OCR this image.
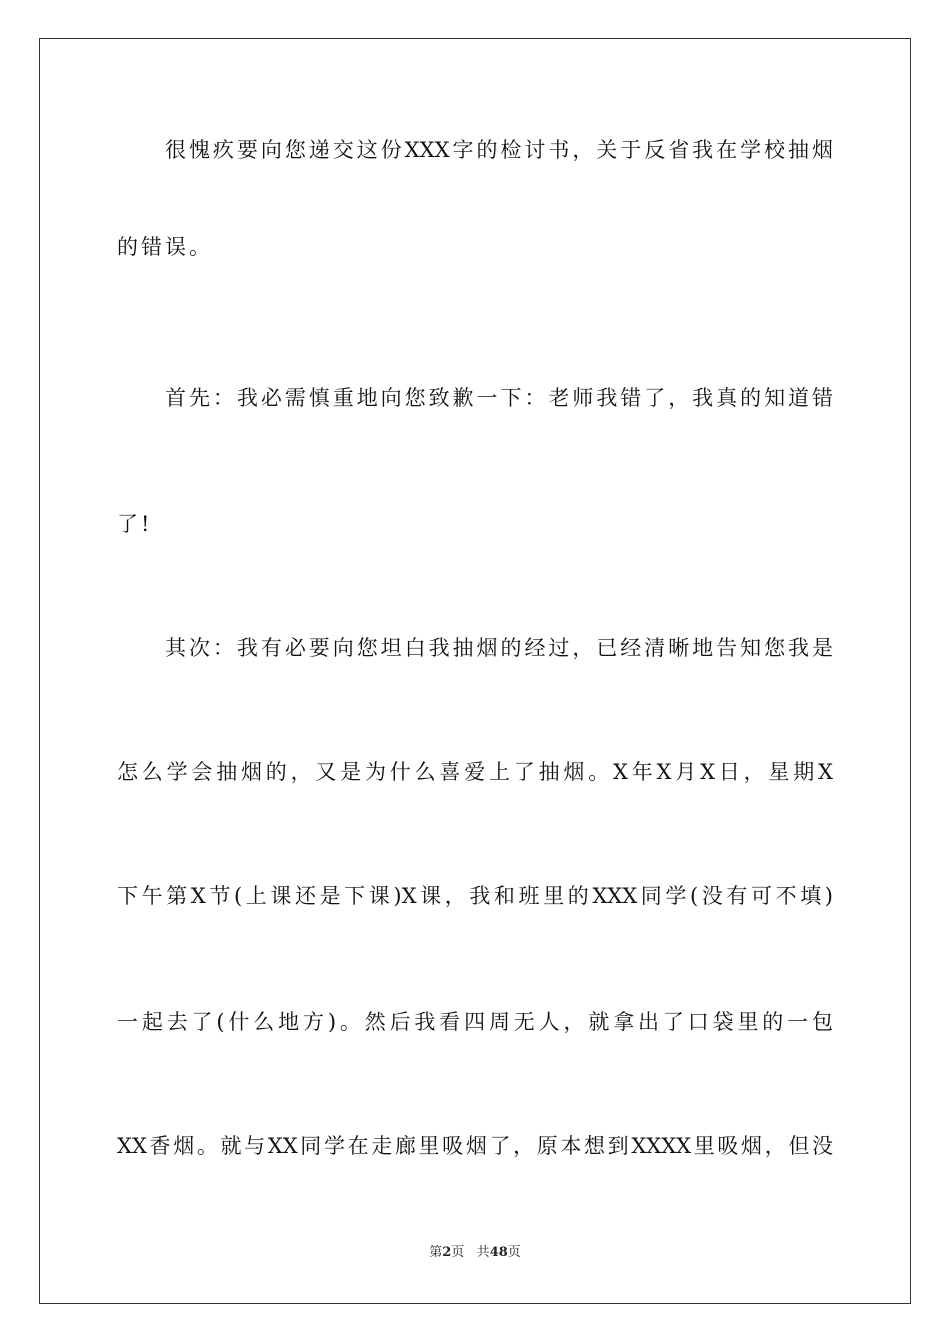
很愧疚要向您递交这份XXX字的检讨书，关于反省我在学校抽烟
的错误。
首先：我必需慎重地向您致歉一下：老师我错了，我真的知道错
了!
其次：我有必要向您坦白我抽烟的经过，已经清晰地告知您我是
怎么学会抽烟的，又是为什么喜爱上了抽烟。X年X月X日，星期X
下午第X节(上课还是下课)X课，我和班里的XXX同学(没有可不填)
一起去了(什么地方)。然后我看四周无人，就拿出了口袋里的一包
XX香烟。就与XX同学在走廊里吸烟了，原本想到XXXX里吸烟，但没
第2页 共48页
